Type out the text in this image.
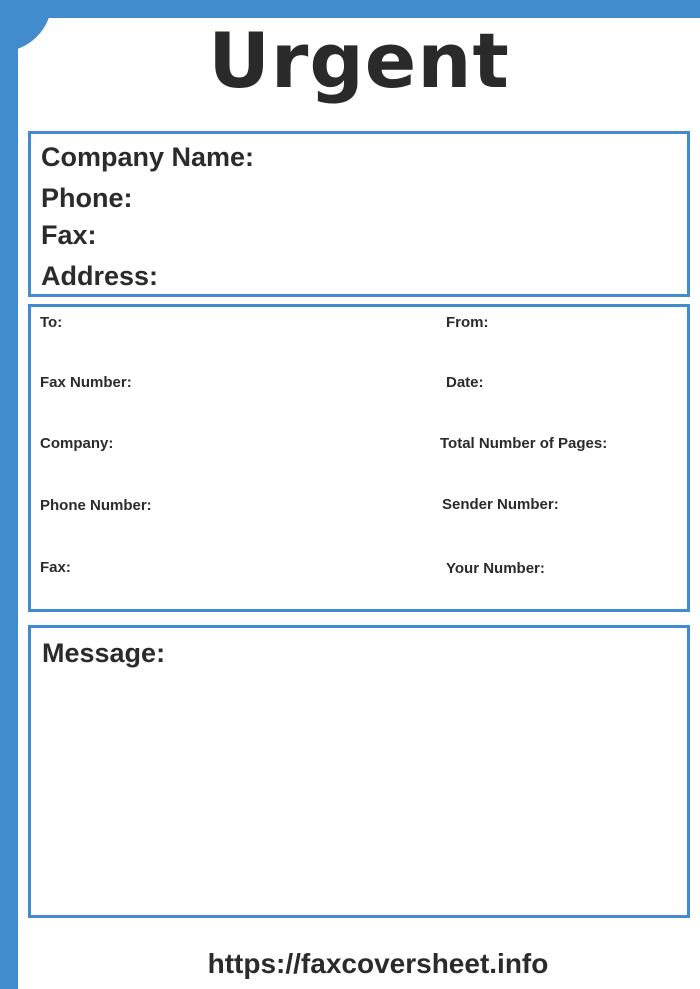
Urgent
Company Name:
Phone:
Fax:
Address:
To:
Fax Number:
Company:
Phone Number:
Fax:
From:
Date:
Total Number of Pages:
Sender Number:
Your Number:
Message:
https://faxcoversheet.info
